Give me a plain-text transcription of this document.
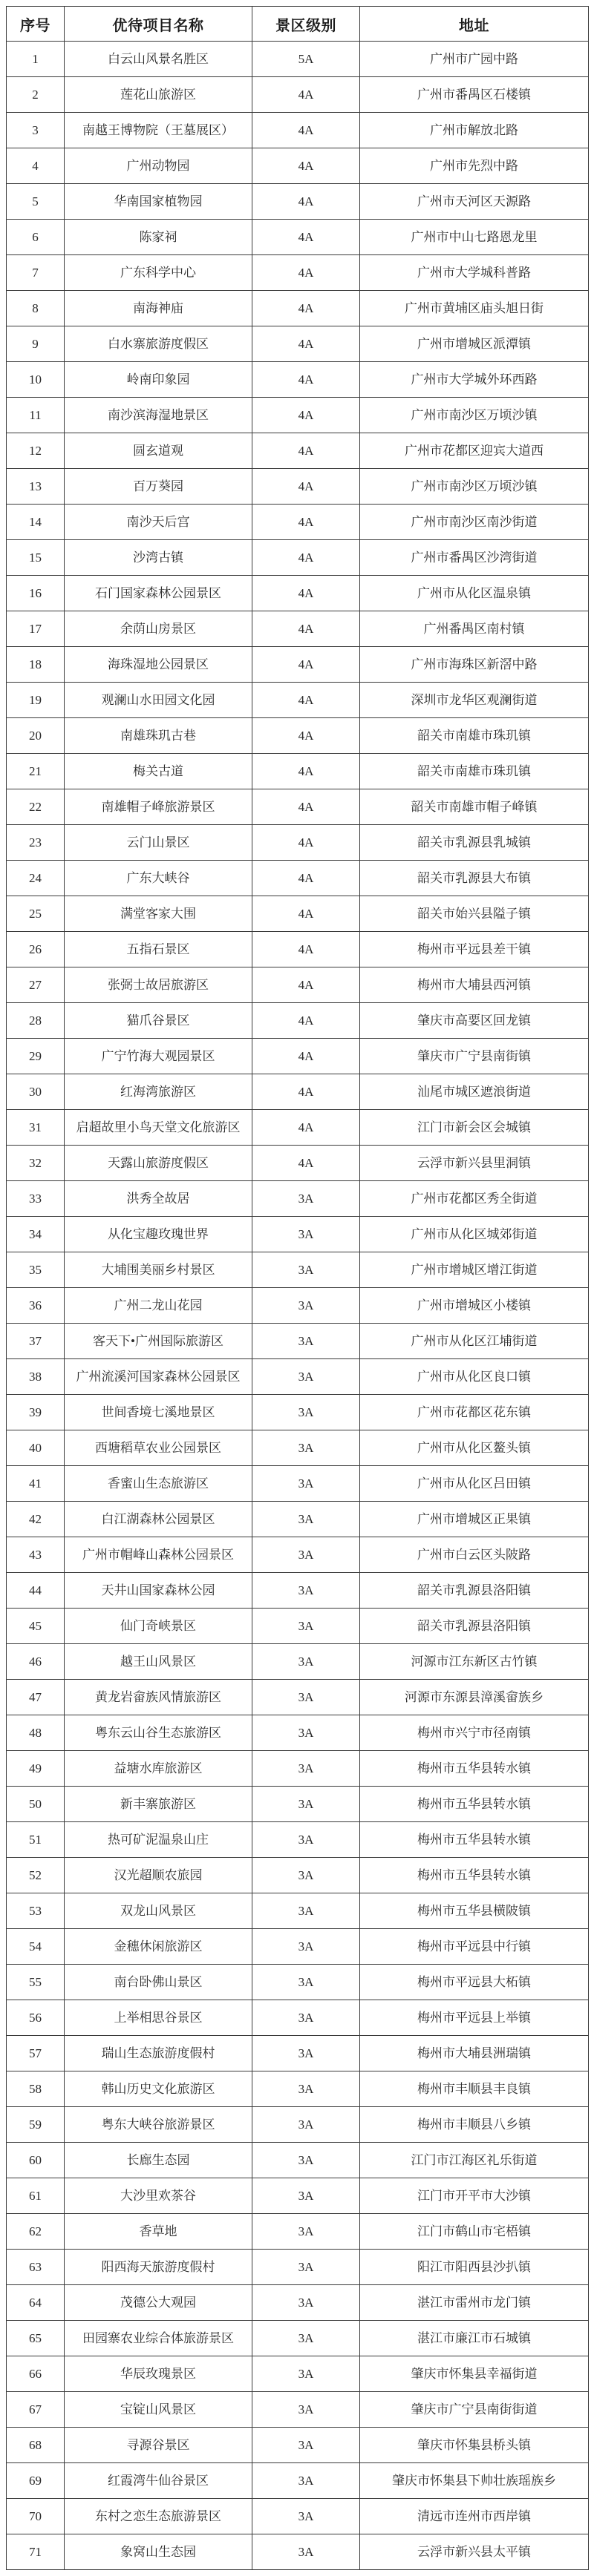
序号	优待项目名称	景区级别	地址
1	白云山风景名胜区	5A	广州市广园中路
2	莲花山旅游区	4A	广州市番禺区石楼镇
3	南越王博物院（王墓展区）	4A	广州市解放北路
4	广州动物园	4A	广州市先烈中路
5	华南国家植物园	4A	广州市天河区天源路
6	陈家祠	4A	广州市中山七路恩龙里
7	广东科学中心	4A	广州市大学城科普路
8	南海神庙	4A	广州市黄埔区庙头旭日街
9	白水寨旅游度假区	4A	广州市增城区派潭镇
10	岭南印象园	4A	广州市大学城外环西路
11	南沙滨海湿地景区	4A	广州市南沙区万顷沙镇
12	圆玄道观	4A	广州市花都区迎宾大道西
13	百万葵园	4A	广州市南沙区万顷沙镇
14	南沙天后宫	4A	广州市南沙区南沙街道
15	沙湾古镇	4A	广州市番禺区沙湾街道
16	石门国家森林公园景区	4A	广州市从化区温泉镇
17	余荫山房景区	4A	广州番禺区南村镇
18	海珠湿地公园景区	4A	广州市海珠区新滘中路
19	观澜山水田园文化园	4A	深圳市龙华区观澜街道
20	南雄珠玑古巷	4A	韶关市南雄市珠玑镇
21	梅关古道	4A	韶关市南雄市珠玑镇
22	南雄帽子峰旅游景区	4A	韶关市南雄市帽子峰镇
23	云门山景区	4A	韶关市乳源县乳城镇
24	广东大峡谷	4A	韶关市乳源县大布镇
25	满堂客家大围	4A	韶关市始兴县隘子镇
26	五指石景区	4A	梅州市平远县差干镇
27	张弼士故居旅游区	4A	梅州市大埔县西河镇
28	猫爪谷景区	4A	肇庆市高要区回龙镇
29	广宁竹海大观园景区	4A	肇庆市广宁县南街镇
30	红海湾旅游区	4A	汕尾市城区遮浪街道
31	启超故里小鸟天堂文化旅游区	4A	江门市新会区会城镇
32	天露山旅游度假区	4A	云浮市新兴县里洞镇
33	洪秀全故居	3A	广州市花都区秀全街道
34	从化宝趣玫瑰世界	3A	广州市从化区城郊街道
35	大埔围美丽乡村景区	3A	广州市增城区增江街道
36	广州二龙山花园	3A	广州市增城区小楼镇
37	客天下•广州国际旅游区	3A	广州市从化区江埔街道
38	广州流溪河国家森林公园景区	3A	广州市从化区良口镇
39	世间香境七溪地景区	3A	广州市花都区花东镇
40	西塘稻草农业公园景区	3A	广州市从化区鳌头镇
41	香蜜山生态旅游区	3A	广州市从化区吕田镇
42	白江湖森林公园景区	3A	广州市增城区正果镇
43	广州市帽峰山森林公园景区	3A	广州市白云区头陂路
44	天井山国家森林公园	3A	韶关市乳源县洛阳镇
45	仙门奇峡景区	3A	韶关市乳源县洛阳镇
46	越王山风景区	3A	河源市江东新区古竹镇
47	黄龙岩畲族风情旅游区	3A	河源市东源县漳溪畲族乡
48	粤东云山谷生态旅游区	3A	梅州市兴宁市径南镇
49	益塘水库旅游区	3A	梅州市五华县转水镇
50	新丰寨旅游区	3A	梅州市五华县转水镇
51	热可矿泥温泉山庄	3A	梅州市五华县转水镇
52	汉光超顺农旅园	3A	梅州市五华县转水镇
53	双龙山风景区	3A	梅州市五华县横陂镇
54	金穗休闲旅游区	3A	梅州市平远县中行镇
55	南台卧佛山景区	3A	梅州市平远县大柘镇
56	上举相思谷景区	3A	梅州市平远县上举镇
57	瑞山生态旅游度假村	3A	梅州市大埔县洲瑞镇
58	韩山历史文化旅游区	3A	梅州市丰顺县丰良镇
59	粤东大峡谷旅游景区	3A	梅州市丰顺县八乡镇
60	长廊生态园	3A	江门市江海区礼乐街道
61	大沙里欢茶谷	3A	江门市开平市大沙镇
62	香草地	3A	江门市鹤山市宅梧镇
63	阳西海天旅游度假村	3A	阳江市阳西县沙扒镇
64	茂德公大观园	3A	湛江市雷州市龙门镇
65	田园寨农业综合体旅游景区	3A	湛江市廉江市石城镇
66	华辰玫瑰景区	3A	肇庆市怀集县幸福街道
67	宝锭山风景区	3A	肇庆市广宁县南街街道
68	寻源谷景区	3A	肇庆市怀集县桥头镇
69	红霞湾牛仙谷景区	3A	肇庆市怀集县下帅壮族瑶族乡
70	东村之恋生态旅游景区	3A	清远市连州市西岸镇
71	象窝山生态园	3A	云浮市新兴县太平镇
